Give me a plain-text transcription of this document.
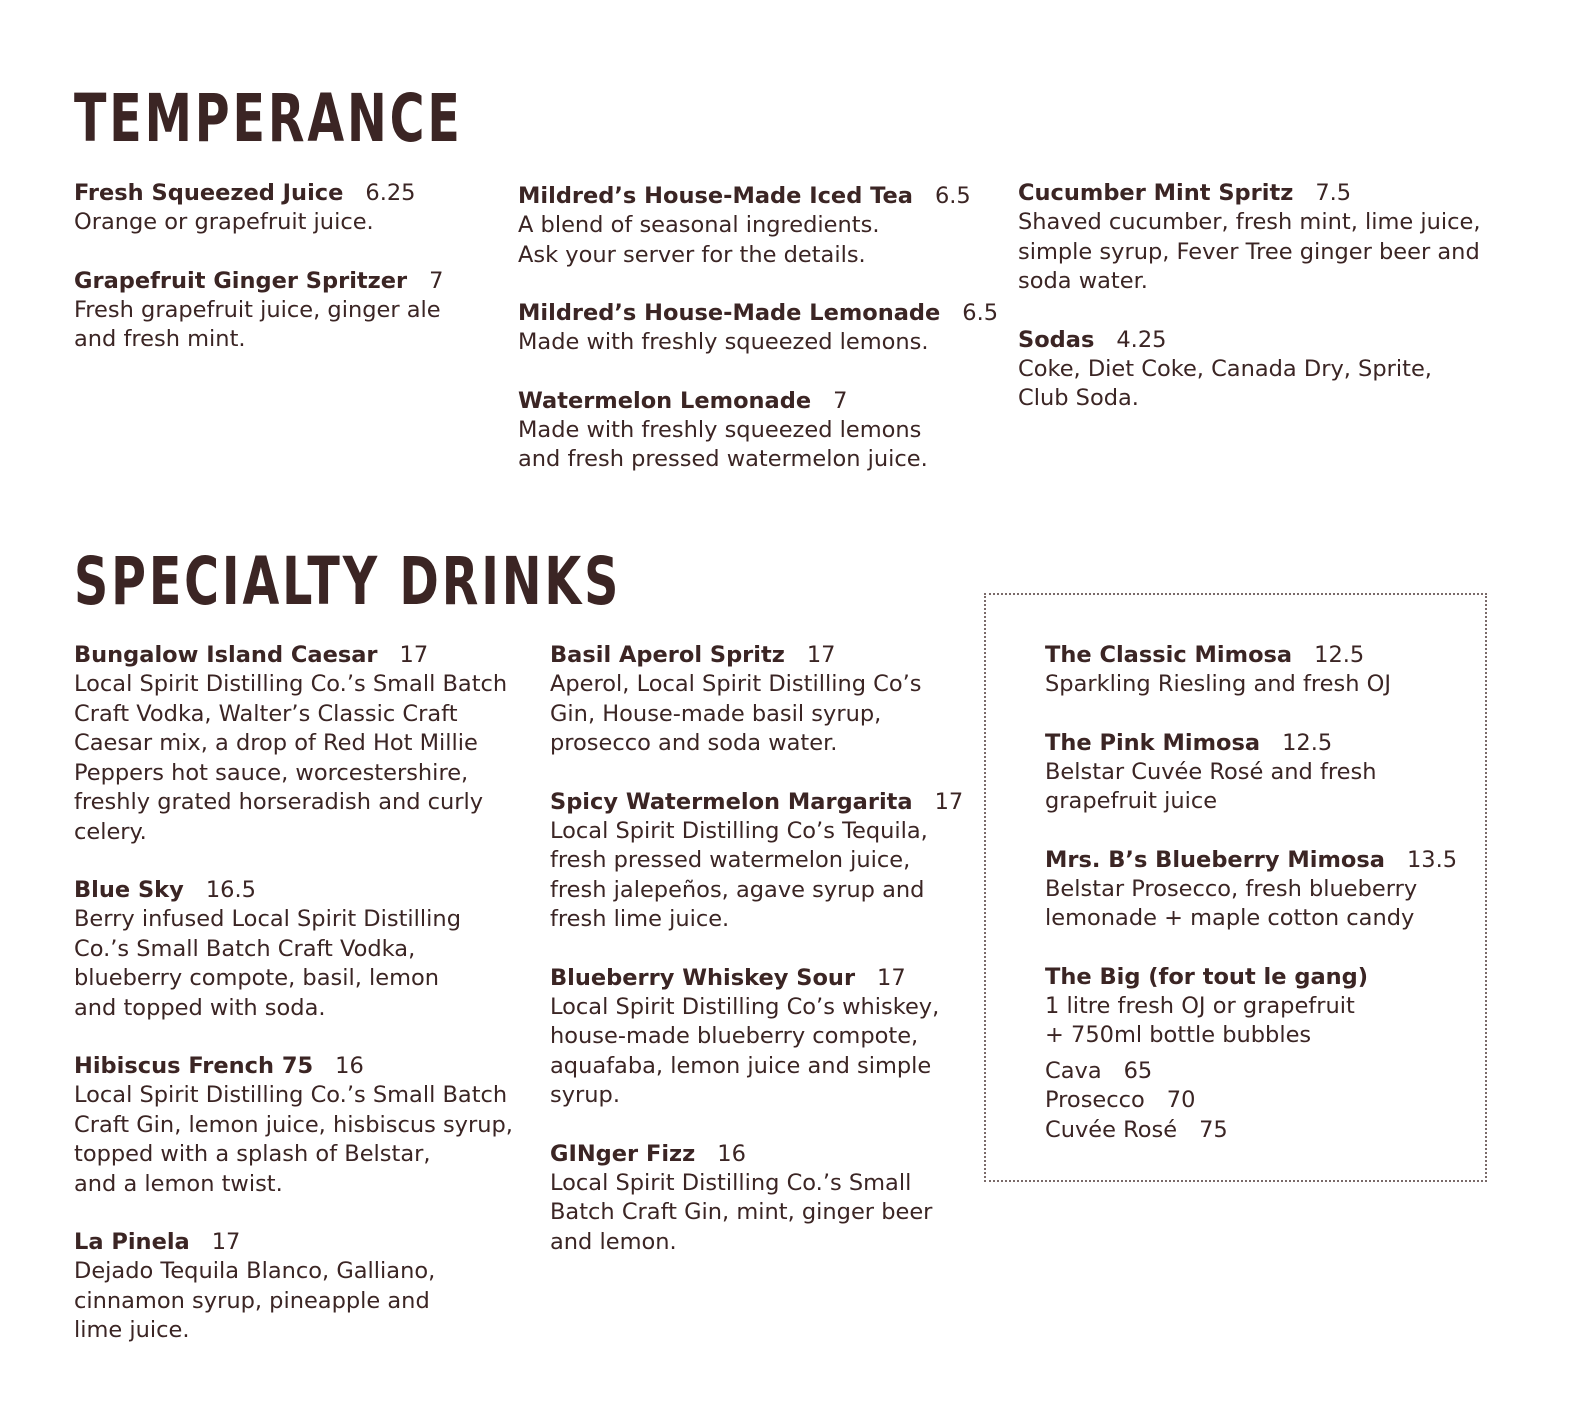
TEMPERANCE
Fresh Squeezed Juice 6.25
Orange or grapefruit juice.
Grapefruit Ginger Spritzer 7
Fresh grapefruit juice, ginger ale
and fresh mint.
Mildred’s House-Made Iced Tea 6.5
A blend of seasonal ingredients.
Ask your server for the details.
Mildred’s House-Made Lemonade 6.5
Made with freshly squeezed lemons.
Watermelon Lemonade 7
Made with freshly squeezed lemons
and fresh pressed watermelon juice.
Cucumber Mint Spritz 7.5
Shaved cucumber, fresh mint, lime juice,
simple syrup, Fever Tree ginger beer and
soda water.
Sodas 4.25
Coke, Diet Coke, Canada Dry, Sprite,
Club Soda.
SPECIALTY DRINKS
Bungalow Island Caesar 17
Local Spirit Distilling Co.’s Small Batch
Craft Vodka, Walter’s Classic Craft
Caesar mix, a drop of Red Hot Millie
Peppers hot sauce, worcestershire,
freshly grated horseradish and curly
celery.
Blue Sky 16.5
Berry infused Local Spirit Distilling
Co.’s Small Batch Craft Vodka,
blueberry compote, basil, lemon
and topped with soda.
Hibiscus French 75 16
Local Spirit Distilling Co.’s Small Batch
Craft Gin, lemon juice, hisbiscus syrup,
topped with a splash of Belstar,
and a lemon twist.
La Pinela 17
Dejado Tequila Blanco, Galliano,
cinnamon syrup, pineapple and
lime juice.
Basil Aperol Spritz 17
Aperol, Local Spirit Distilling Co’s
Gin, House-made basil syrup,
prosecco and soda water.
Spicy Watermelon Margarita 17
Local Spirit Distilling Co’s Tequila,
fresh pressed watermelon juice,
fresh jalepeños, agave syrup and
fresh lime juice.
Blueberry Whiskey Sour 17
Local Spirit Distilling Co’s whiskey,
house-made blueberry compote,
aquafaba, lemon juice and simple
syrup.
GINger Fizz 16
Local Spirit Distilling Co.’s Small
Batch Craft Gin, mint, ginger beer
and lemon.
The Classic Mimosa 12.5
Sparkling Riesling and fresh OJ
The Pink Mimosa 12.5
Belstar Cuvée Rosé and fresh
grapefruit juice
Mrs. B’s Blueberry Mimosa 13.5
Belstar Prosecco, fresh blueberry
lemonade + maple cotton candy
The Big (for tout le gang)
1 litre fresh OJ or grapefruit
+ 750ml bottle bubbles
Cava 65
Prosecco 70
Cuvée Rosé 75
